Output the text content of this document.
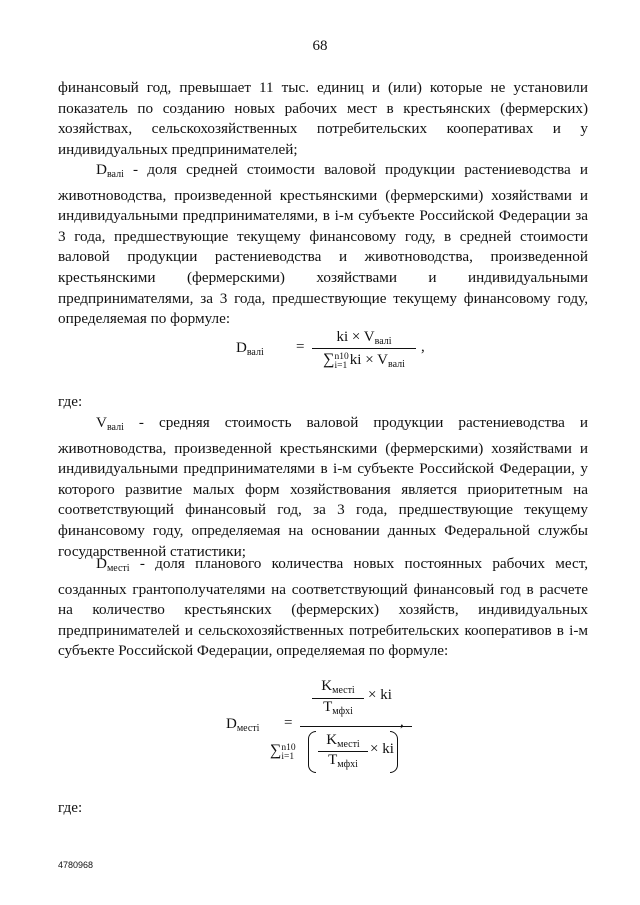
68

финансовый год, превышает 11 тыс. единиц и (или) которые не установили показатель по созданию новых рабочих мест в крестьянских (фермерских) хозяйствах, сельскохозяйственных потребительских кооперативах и у индивидуальных предпринимателей;

$D_{валі}$ - доля средней стоимости валовой продукции растениеводства и животноводства, произведенной крестьянскими (фермерскими) хозяйствами и индивидуальными предпринимателями, в і-м субъекте Российской Федерации за 3 года, предшествующие текущему финансовому году, в средней стоимости валовой продукции растениеводства и животноводства, произведенной крестьянскими (фермерскими) хозяйствами и индивидуальными предпринимателями, за 3 года, предшествующие текущему финансовому году, определяемая по формуле:

$D_{валі}$ =
ki × $V_{валі}$
∑n10
i=1 ki × $V_{валі}$
,

где:

$V_{валі}$ - средняя стоимость валовой продукции растениеводства и животноводства, произведенной крестьянскими (фермерскими) хозяйствами и индивидуальными предпринимателями в і-м субъекте Российской Федерации, у которого развитие малых форм хозяйствования является приоритетным на соответствующий финансовый год, за 3 года, предшествующие текущему финансовому году, определяемая на основании данных Федеральной службы государственной статистики;

$D_{месті}$ - доля планового количества новых постоянных рабочих мест, созданных грантополучателями на соответствующий финансовый год в расчете на количество крестьянских (фермерских) хозяйств, индивидуальных предпринимателей и сельскохозяйственных потребительских кооперативов в і-м субъекте Российской Федерации, определяемая по формуле:

$D_{месті}$ =
$K_{месті}$
$T_{мфхі}$
× ki
,
∑n10
i=1
$K_{месті}$
$T_{мфхі}$
× ki

где:

4780968
